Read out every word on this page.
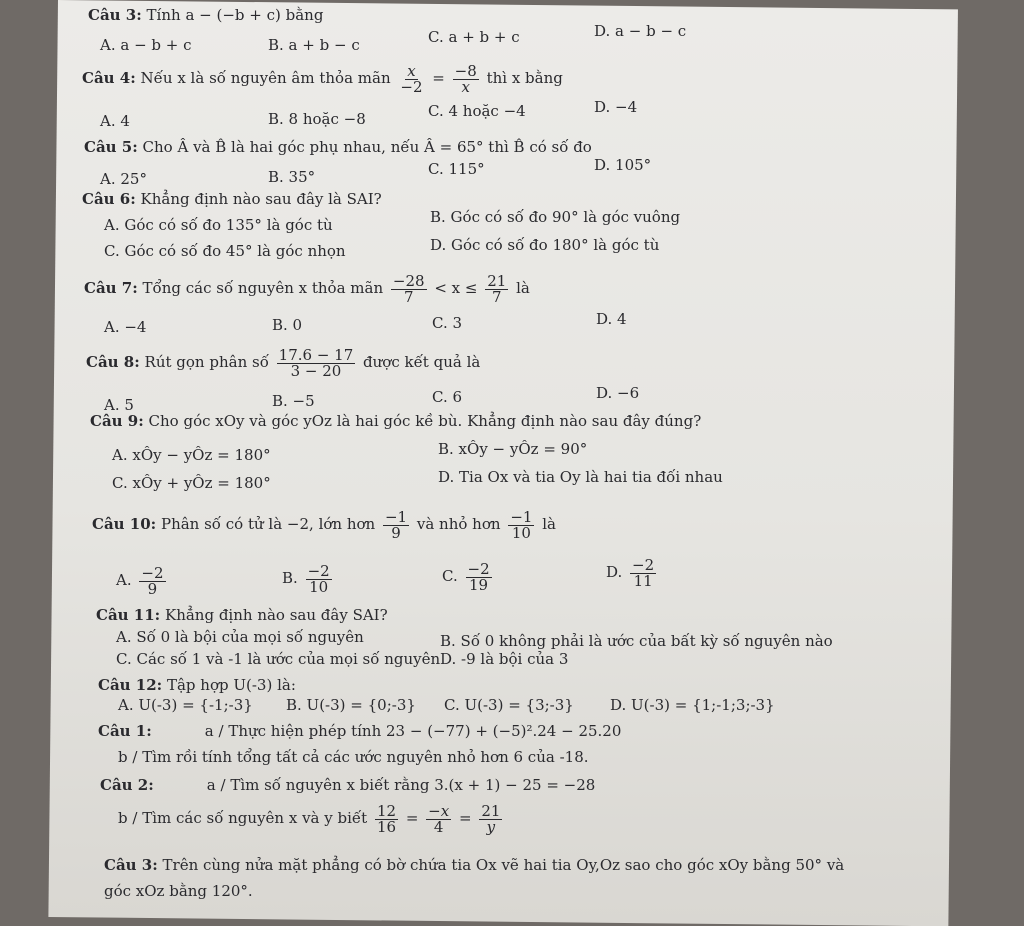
Câu 3: Tính a − (−b + c) bằng
A. a − b + c	B. a + b − c	C. a + b + c	D. a − b − c
Câu 4: Nếu x là số nguyên âm thỏa mãn $\frac{x}{-2} = \frac{-8}{x}$ thì x bằng
A. 4	B. 8 hoặc −8	C. 4 hoặc −4	D. −4
Câu 5: Cho Â và B̂ là hai góc phụ nhau, nếu Â = 65° thì B̂ có số đo
A. 25°	B. 35°	C. 115°	D. 105°
Câu 6: Khẳng định nào sau đây là SAI?
A. Góc có số đo 135° là góc tù	B. Góc có số đo 90° là góc vuông
C. Góc có số đo 45° là góc nhọn	D. Góc có số đo 180° là góc tù
Câu 7: Tổng các số nguyên x thỏa mãn $\frac{-28}{7} < x \le \frac{21}{7}$ là
A. −4	B. 0	C. 3	D. 4
Câu 8: Rút gọn phân số $\frac{17.6 - 17}{3 - 20}$ được kết quả là
A. 5	B. −5	C. 6	D. −6
Câu 9: Cho góc xOy và góc yOz là hai góc kề bù. Khẳng định nào sau đây đúng?
A. xÔy − yÔz = 180°	B. xÔy − yÔz = 90°
C. xÔy + yÔz = 180°	D. Tia Ox và tia Oy là hai tia đối nhau
Câu 10: Phân số có tử là −2, lớn hơn $\frac{-1}{9}$ và nhỏ hơn $\frac{-1}{10}$ là
A. $\frac{-2}{9}$	B. $\frac{-2}{10}$	C. $\frac{-2}{19}$	D. $\frac{-2}{11}$
Câu 11: Khẳng định nào sau đây SAI?
A. Số 0 là bội của mọi số nguyên	B. Số 0 không phải là ước của bất kỳ số nguyên nào
C. Các số 1 và -1 là ước của mọi số nguyên D. -9 là bội của 3
Câu 12: Tập hợp U(-3) là:
A. U(-3) = {-1;-3} B. U(-3) = {0;-3} C. U(-3) = {3;-3} D. U(-3) = {1;-1;3;-3}
Câu 1:	a / Thực hiện phép tính 23 − (−77) + (−5)².24 − 25.20
b / Tìm rồi tính tổng tất cả các ước nguyên nhỏ hơn 6 của -18.
Câu 2:	a / Tìm số nguyên x biết rằng 3.(x + 1) − 25 = −28
b / Tìm các số nguyên x và y biết $\frac{12}{16} = \frac{-x}{4} = \frac{21}{y}$
Câu 3: Trên cùng nửa mặt phẳng có bờ chứa tia Ox vẽ hai tia Oy,Oz sao cho góc xOy bằng 50° và
góc xOz bằng 120°.
